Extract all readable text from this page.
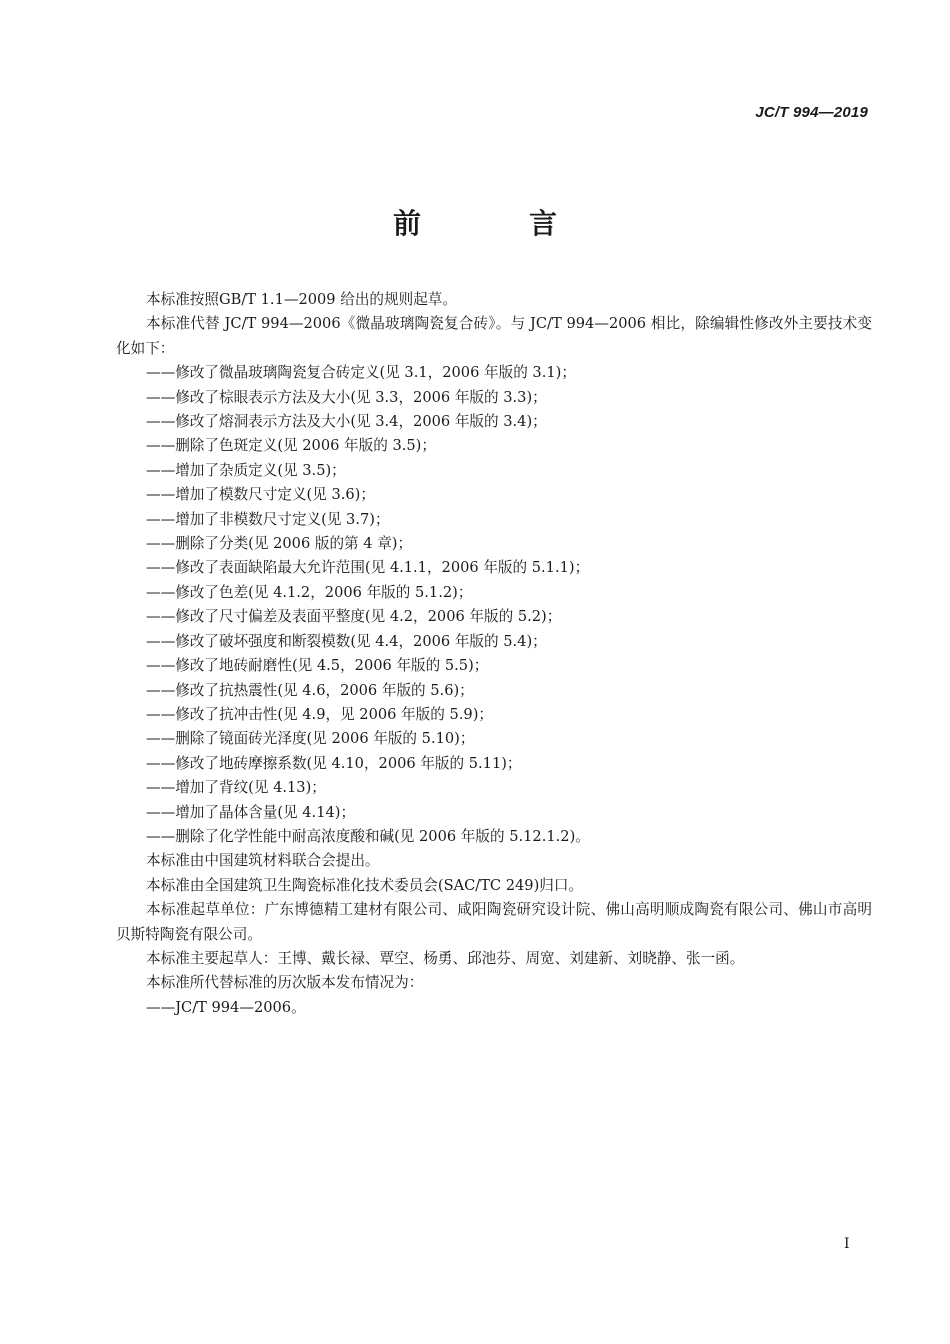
JC/T 994—2019
前　言

本标准按照GB/T 1.1—2009 给出的规则起草。

本标准代替 JC/T 994—2006《微晶玻璃陶瓷复合砖》。与 JC/T 994—2006 相比，除编辑性修改外主要技术变化如下：

——修改了微晶玻璃陶瓷复合砖定义(见 3.1，2006 年版的 3.1)；

——修改了棕眼表示方法及大小(见 3.3，2006 年版的 3.3)；

——修改了熔洞表示方法及大小(见 3.4，2006 年版的 3.4)；

——删除了色斑定义(见 2006 年版的 3.5)；

——增加了杂质定义(见 3.5)；

——增加了模数尺寸定义(见 3.6)；

——增加了非模数尺寸定义(见 3.7)；

——删除了分类(见 2006 版的第 4 章)；

——修改了表面缺陷最大允许范围(见 4.1.1，2006 年版的 5.1.1)；

——修改了色差(见 4.1.2，2006 年版的 5.1.2)；

——修改了尺寸偏差及表面平整度(见 4.2，2006 年版的 5.2)；

——修改了破坏强度和断裂模数(见 4.4，2006 年版的 5.4)；

——修改了地砖耐磨性(见 4.5，2006 年版的 5.5)；

——修改了抗热震性(见 4.6，2006 年版的 5.6)；

——修改了抗冲击性(见 4.9，见 2006 年版的 5.9)；

——删除了镜面砖光泽度(见 2006 年版的 5.10)；

——修改了地砖摩擦系数(见 4.10，2006 年版的 5.11)；

——增加了背纹(见 4.13)；

——增加了晶体含量(见 4.14)；

——删除了化学性能中耐高浓度酸和碱(见 2006 年版的 5.12.1.2)。

本标准由中国建筑材料联合会提出。

本标准由全国建筑卫生陶瓷标准化技术委员会(SAC/TC 249)归口。

本标准起草单位：广东博德精工建材有限公司、咸阳陶瓷研究设计院、佛山高明顺成陶瓷有限公司、佛山市高明贝斯特陶瓷有限公司。

本标准主要起草人：王博、戴长禄、覃空、杨勇、邱池芬、周宽、刘建新、刘晓静、张一函。

本标准所代替标准的历次版本发布情况为：

——JC/T 994—2006。

I
